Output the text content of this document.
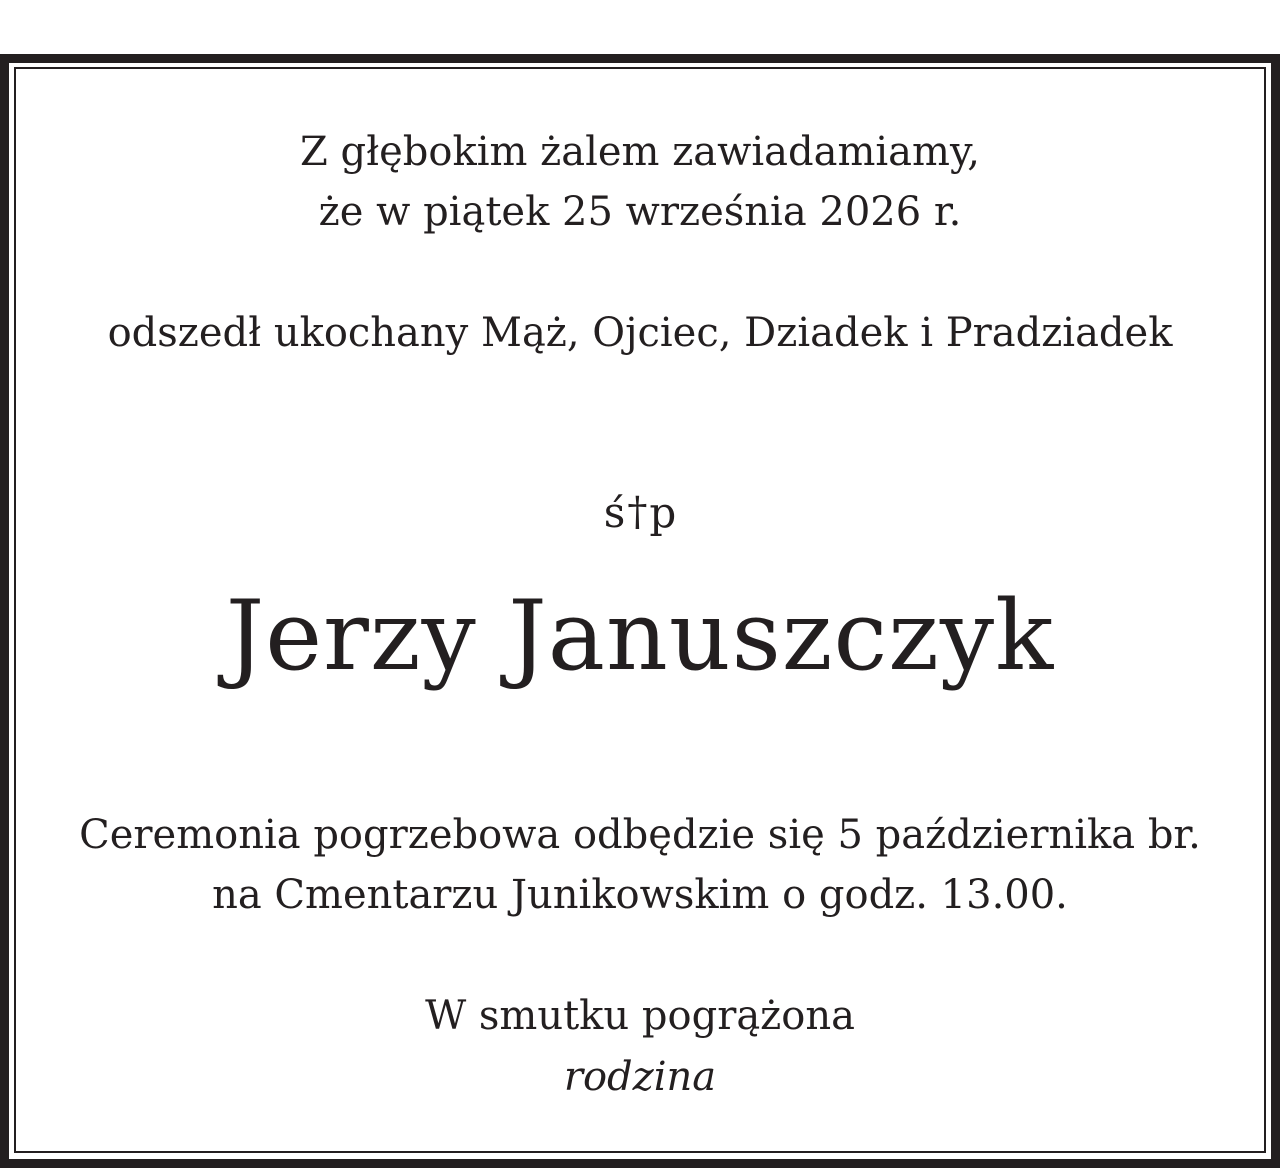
Z głębokim żalem zawiadamiamy,
że w piątek 25 września 2026 r.
odszedł ukochany Mąż, Ojciec, Dziadek i Pradziadek
ś†p
Jerzy Januszczyk
Ceremonia pogrzebowa odbędzie się 5 października br.
na Cmentarzu Junikowskim o godz. 13.00.
W smutku pogrążona
rodzina
